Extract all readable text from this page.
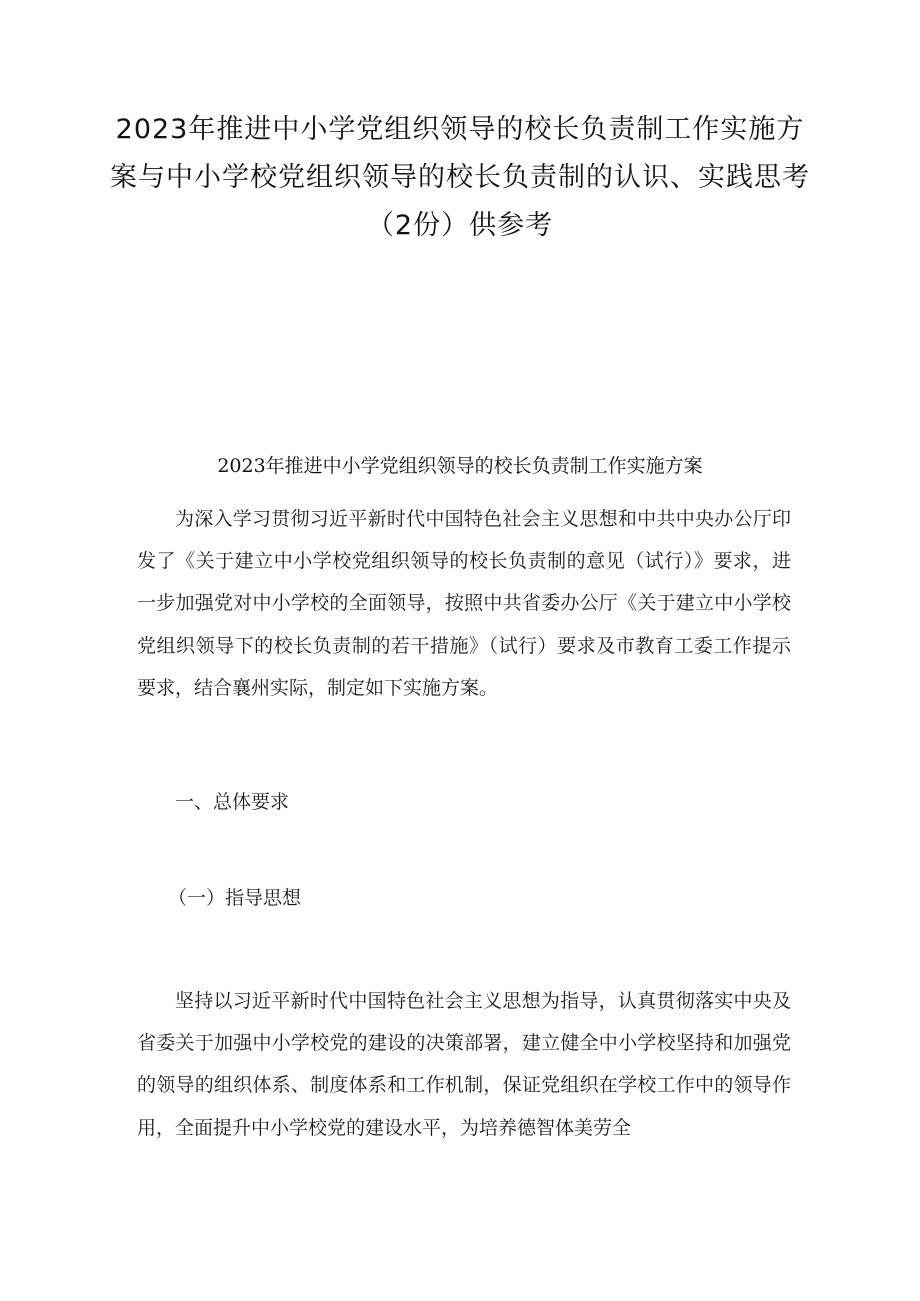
2023年推进中小学党组织领导的校长负责制工作实施方案与中小学校党组织领导的校长负责制的认识、实践思考（2份）供参考
2023年推进中小学党组织领导的校长负责制工作实施方案

为深入学习贯彻习近平新时代中国特色社会主义思想和中共中央办公厅印发了《关于建立中小学校党组织领导的校长负责制的意见（试行）》要求，进一步加强党对中小学校的全面领导，按照中共省委办公厅《关于建立中小学校党组织领导下的校长负责制的若干措施》（试行）要求及市教育工委工作提示要求，结合襄州实际，制定如下实施方案。

一、总体要求
（一）指导思想

坚持以习近平新时代中国特色社会主义思想为指导，认真贯彻落实中央及省委关于加强中小学校党的建设的决策部署，建立健全中小学校坚持和加强党的领导的组织体系、制度体系和工作机制，保证党组织在学校工作中的领导作用，全面提升中小学校党的建设水平，为培养德智体美劳全
